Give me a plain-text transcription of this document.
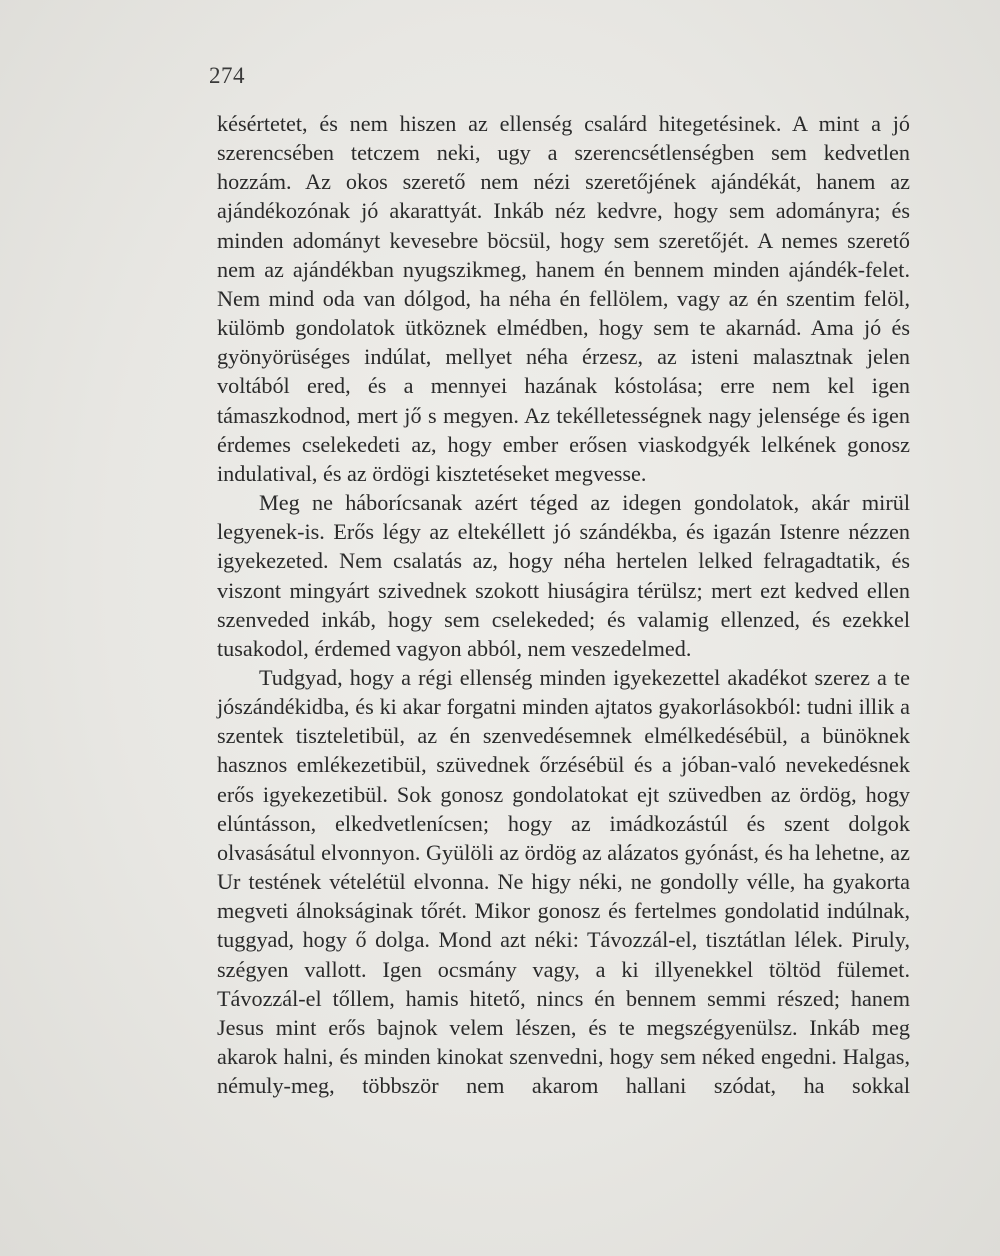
274

késértetet, és nem hiszen az ellenség csalárd hitegetésinek. A mint a jó szerencsében tetczem neki, ugy a szerencsétlenségben sem kedvetlen hozzám. Az okos szerető nem nézi szeretőjének ajándékát, hanem az ajándékozónak jó akarattyát. Inkáb néz kedvre, hogy sem adományra; és minden adományt kevesebre böcsül, hogy sem szeretőjét. A nemes szerető nem az ajándékban nyugszikmeg, hanem én bennem minden ajándék-felet. Nem mind oda van dólgod, ha néha én fellölem, vagy az én szentim felöl, külömb gondolatok ütköznek elmédben, hogy sem te akarnád. Ama jó és gyönyörüséges indúlat, mellyet néha érzesz, az isteni malasztnak jelen voltából ered, és a mennyei hazának kóstolása; erre nem kel igen támaszkodnod, mert jő s megyen. Az tekélletességnek nagy jelensége és igen érdemes cselekedeti az, hogy ember erősen viaskodgyék lelkének gonosz indulatival, és az ördögi kisztetéseket megvesse.

Meg ne háborícsanak azért téged az idegen gondolatok, akár mirül legyenek-is. Erős légy az eltekéllett jó szándékba, és igazán Istenre nézzen igyekezeted. Nem csalatás az, hogy néha hertelen lelked felragadtatik, és viszont mingyárt szivednek szokott hiuságira térülsz; mert ezt kedved ellen szenveded inkáb, hogy sem cselekeded; és valamig ellenzed, és ezekkel tusakodol, érdemed vagyon abból, nem veszedelmed.

Tudgyad, hogy a régi ellenség minden igyekezettel akadékot szerez a te jószándékidba, és ki akar forgatni minden ajtatos gyakorlásokból: tudni illik a szentek tiszteletibül, az én szenvedésemnek elmélkedésébül, a bünöknek hasznos emlékezetibül, szüvednek őrzésébül és a jóban-való nevekedésnek erős igyekezetibül. Sok gonosz gondolatokat ejt szüvedben az ördög, hogy elúntásson, elkedvetlenícsen; hogy az imádkozástúl és szent dolgok olvasásátul elvonnyon. Gyülöli az ördög az alázatos gyónást, és ha lehetne, az Ur testének vételétül elvonna. Ne higy néki, ne gondolly vélle, ha gyakorta megveti álnokságinak tőrét. Mikor gonosz és fertelmes gondolatid indúlnak, tuggyad, hogy ő dolga. Mond azt néki: Távozzál-el, tisztátlan lélek. Piruly, szégyen vallott. Igen ocsmány vagy, a ki illyenekkel töltöd fülemet. Távozzál-el tőllem, hamis hitető, nincs én bennem semmi részed; hanem Jesus mint erős bajnok velem lészen, és te megszégyenülsz. Inkáb meg akarok halni, és minden kinokat szenvedni, hogy sem néked engedni. Halgas, némuly-meg, többször nem akarom hallani szódat, ha sokkal
